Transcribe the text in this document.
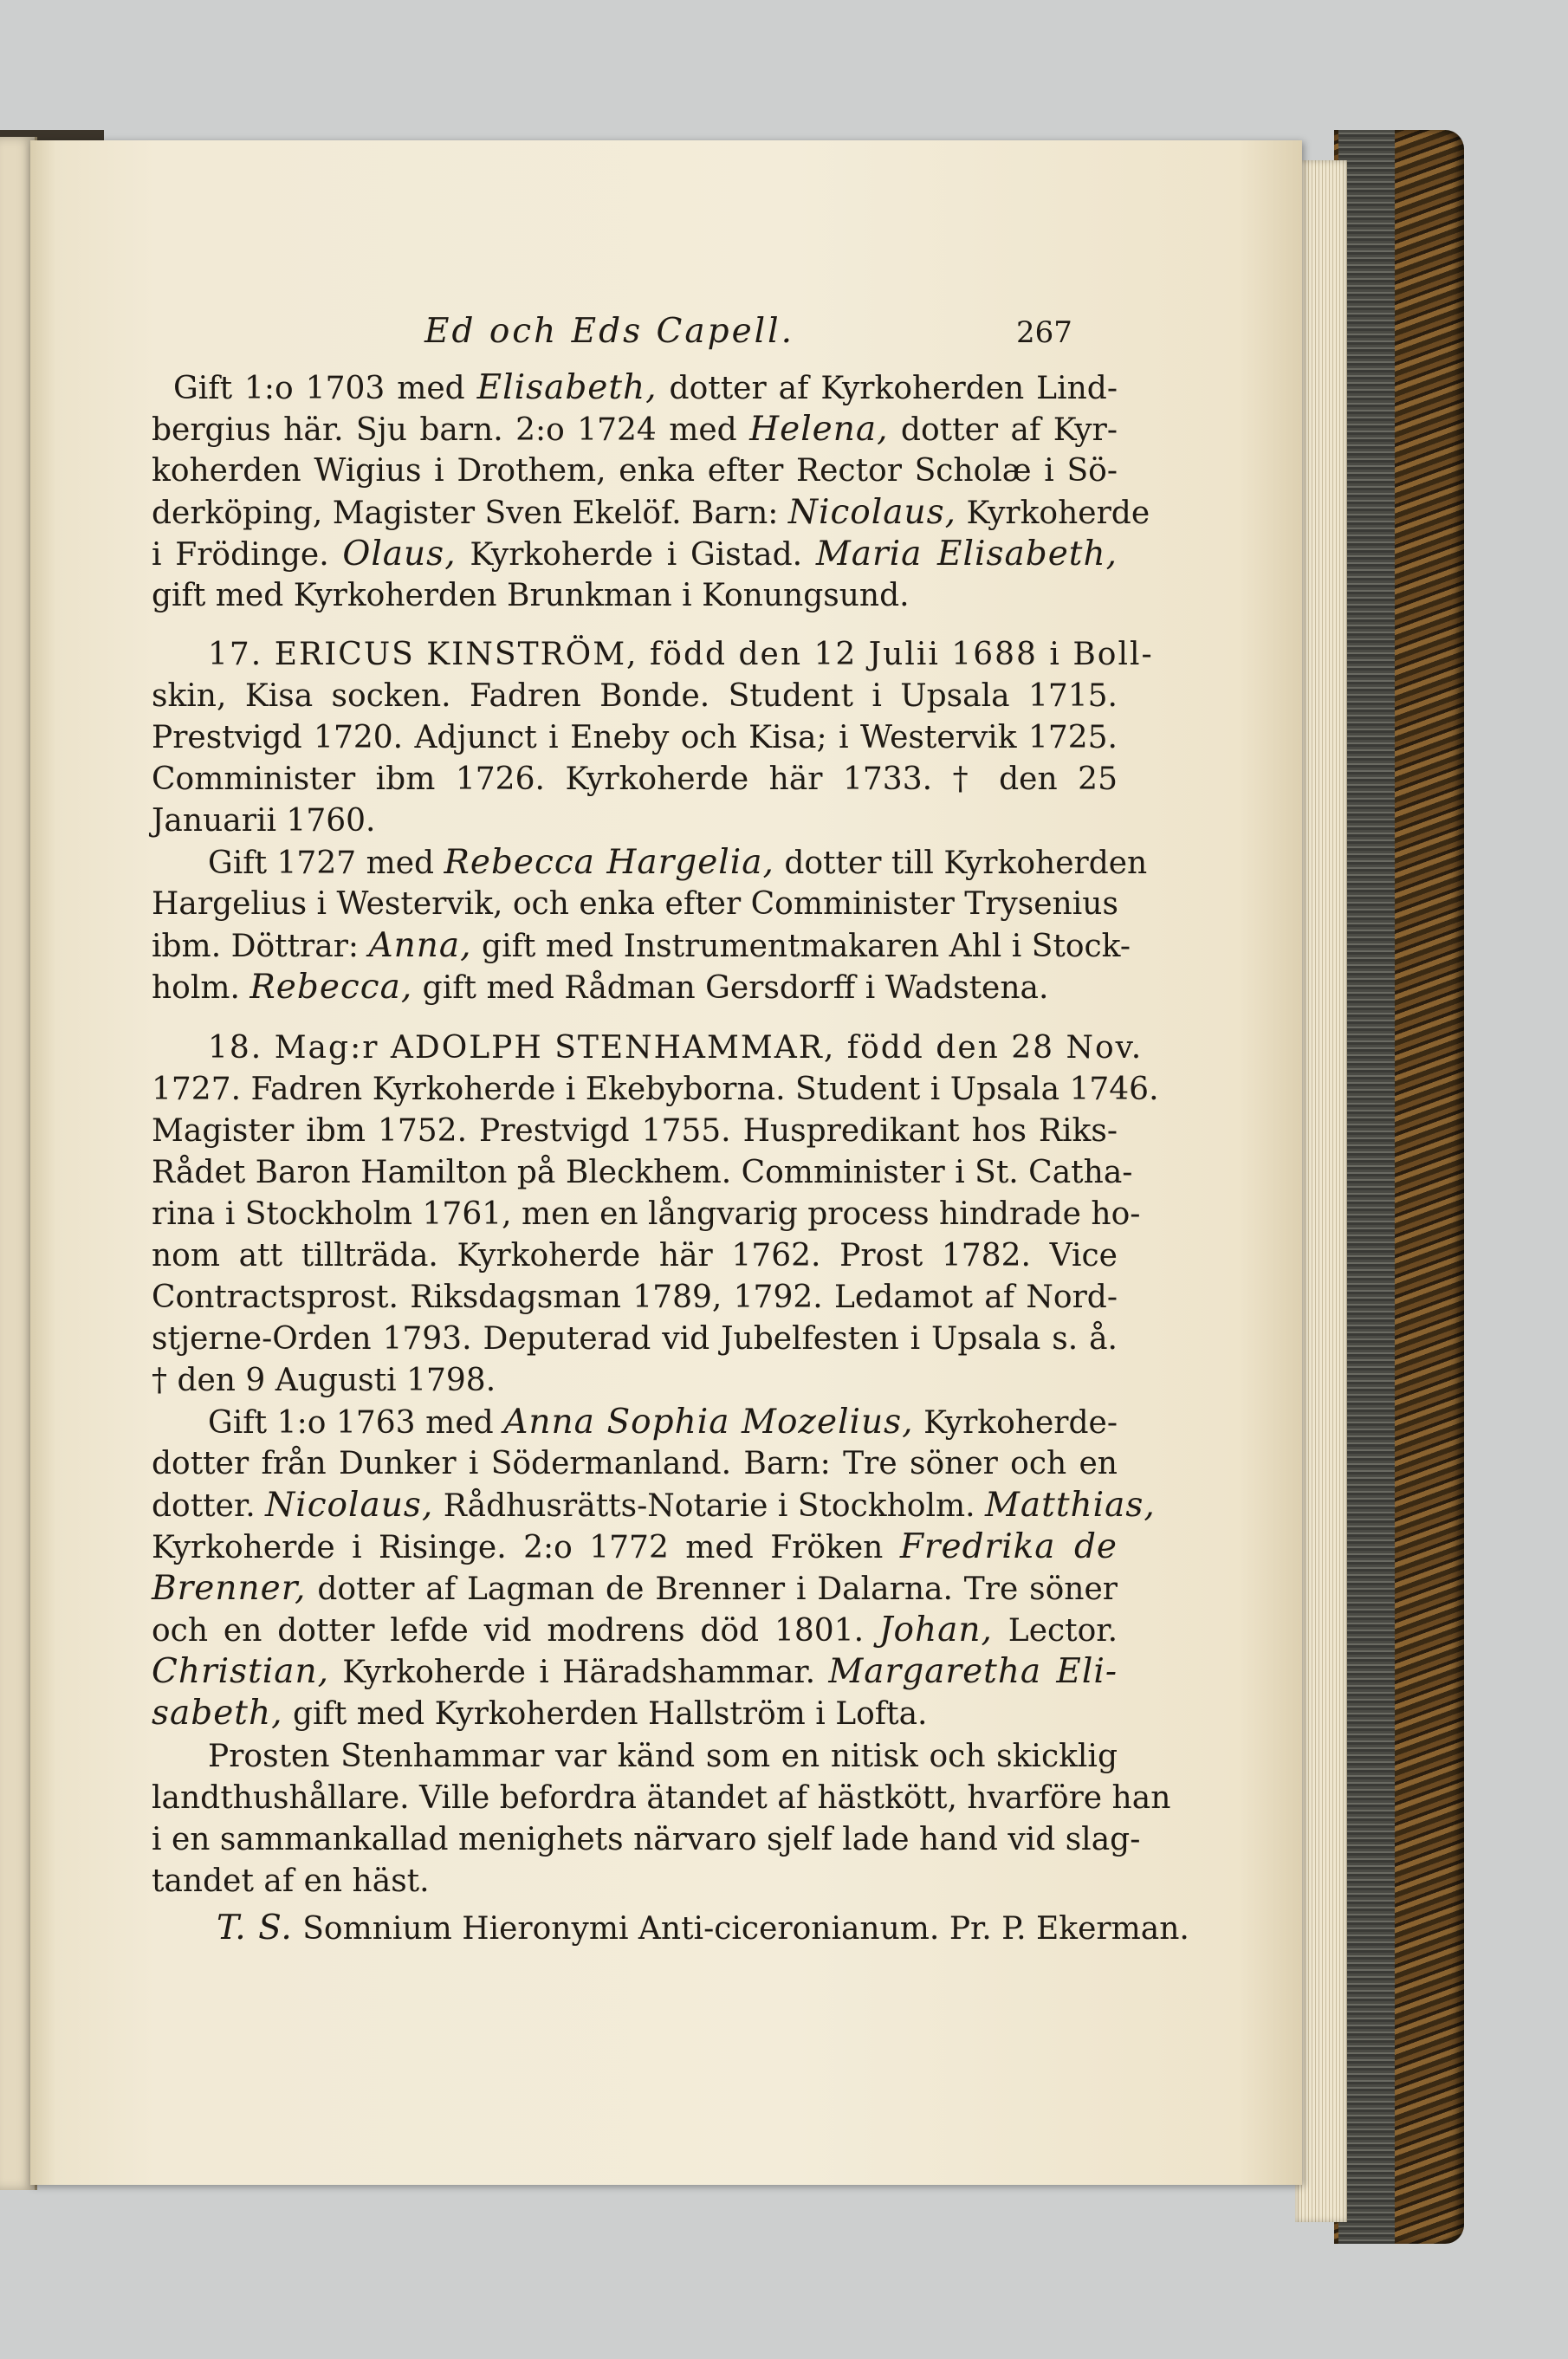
Ed och Eds Capell.	267
Gift 1:o 1703 med Elisabeth, dotter af Kyrkoherden Lind-
bergius här. Sju barn. 2:o 1724 med Helena, dotter af Kyr-
koherden Wigius i Drothem, enka efter Rector Scholæ i Sö-
derköping, Magister Sven Ekelöf. Barn: Nicolaus, Kyrkoherde
i Frödinge. Olaus, Kyrkoherde i Gistad. Maria Elisabeth,
gift med Kyrkoherden Brunkman i Konungsund.
17. ERICUS KINSTRÖM, född den 12 Julii 1688 i Boll-
skin, Kisa socken. Fadren Bonde. Student i Upsala 1715.
Prestvigd 1720. Adjunct i Eneby och Kisa; i Westervik 1725.
Comminister ibm 1726. Kyrkoherde här 1733. † den 25
Januarii 1760.
Gift 1727 med Rebecca Hargelia, dotter till Kyrkoherden
Hargelius i Westervik, och enka efter Comminister Trysenius
ibm. Döttrar: Anna, gift med Instrumentmakaren Ahl i Stock-
holm. Rebecca, gift med Rådman Gersdorff i Wadstena.
18. Mag:r ADOLPH STENHAMMAR, född den 28 Nov.
1727. Fadren Kyrkoherde i Ekebyborna. Student i Upsala 1746.
Magister ibm 1752. Prestvigd 1755. Huspredikant hos Riks-
Rådet Baron Hamilton på Bleckhem. Comminister i St. Catha-
rina i Stockholm 1761, men en långvarig process hindrade ho-
nom att tillträda. Kyrkoherde här 1762. Prost 1782. Vice
Contractsprost. Riksdagsman 1789, 1792. Ledamot af Nord-
stjerne-Orden 1793. Deputerad vid Jubelfesten i Upsala s. å.
† den 9 Augusti 1798.
Gift 1:o 1763 med Anna Sophia Mozelius, Kyrkoherde-
dotter från Dunker i Södermanland. Barn: Tre söner och en
dotter. Nicolaus, Rådhusrätts-Notarie i Stockholm. Matthias,
Kyrkoherde i Risinge. 2:o 1772 med Fröken Fredrika de
Brenner, dotter af Lagman de Brenner i Dalarna. Tre söner
och en dotter lefde vid modrens död 1801. Johan, Lector.
Christian, Kyrkoherde i Häradshammar. Margaretha Eli-
sabeth, gift med Kyrkoherden Hallström i Lofta.
Prosten Stenhammar var känd som en nitisk och skicklig
landthushållare. Ville befordra ätandet af hästkött, hvarföre han
i en sammankallad menighets närvaro sjelf lade hand vid slag-
tandet af en häst.
T. S. Somnium Hieronymi Anti-ciceronianum. Pr. P. Ekerman.
